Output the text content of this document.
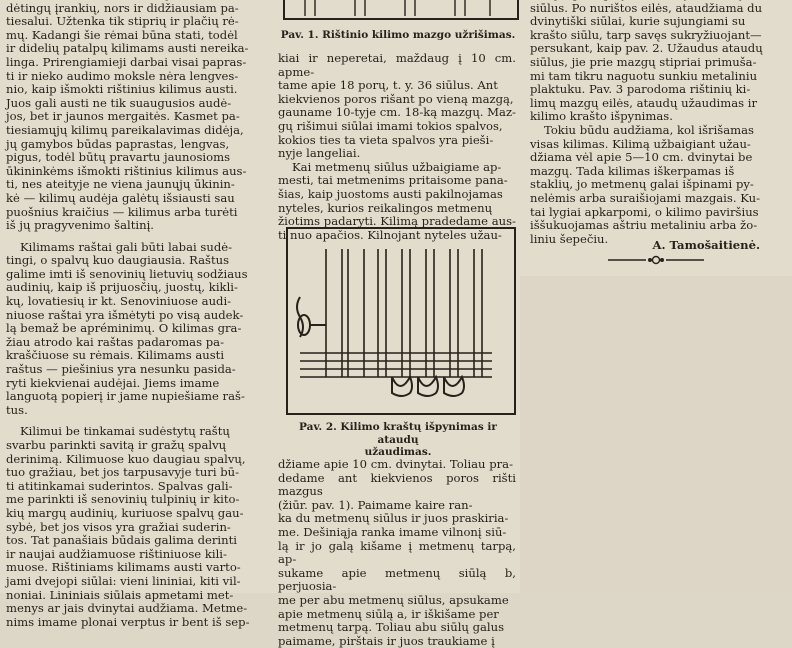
dėtingų įrankių, nors ir didžiausiam pa-
tiesalui. Užtenka tik stiprių ir plačių rė-
mų. Kadangi šie rėmai būna stati, todėl
ir didelių patalpų kilimams austi nereika-
linga. Prirengiamieji darbai visai papras-
ti ir nieko audimo moksle nėra lengves-
nio, kaip išmokti rištinius kilimus austi.
Juos gali austi ne tik suaugusios audė-
jos, bet ir jaunos mergaitės. Kasmet pa-
tiesiamųjų kilimų pareikalavimas didėja,
jų gamybos būdas paprastas, lengvas,
pigus, todėl būtų pravartu jaunosioms
ūkininkėms išmokti rištinius kilimus aus-
ti, nes ateityje ne viena jaunųjų ūkinin-
kė — kilimų audėja galėtų išsiausti sau
puošnius kraičius — kilimus arba turėti
iš jų pragyvenimo šaltinį.

Kilimams raštai gali būti labai sudė-
tingi, o spalvų kuo daugiausia. Raštus
galime imti iš senovinių lietuvių sodžiaus
audinių, kaip iš prijuosčių, juostų, kikli-
kų, lovatiesių ir kt. Senoviniuose audi-
niuose raštai yra išmėtyti po visą audek-
lą bemaž be apréminimų. O kilimas gra-
žiau atrodo kai raštas padaromas pa-
kraščiuose su rėmais. Kilimams austi
raštus — piešinius yra nesunku pasida-
ryti kiekvienai audėjai. Jiems imame
languotą popierį ir jame nupiešiame raš-
tus.

Kilimui be tinkamai sudėstytų raštų
svarbu parinkti savitą ir gražų spalvų
derinimą. Kilimuose kuo daugiau spalvų,
tuo gražiau, bet jos tarpusavyje turi bū-
ti atitinkamai suderintos. Spalvas gali-
me parinkti iš senovinių tulpinių ir kito-
kių margų audinių, kuriuose spalvų gau-
sybė, bet jos visos yra gražiai suderin-
tos. Tat panašiais būdais galima derinti
ir naujai audžiamuose rištiniuose kili-
muose. Rištiniams kilimams austi varto-
jami dvejopi siūlai: vieni lininiai, kiti vil-
noniai. Lininiais siūlais apmetami met-
menys ar jais dvinytai audžiama. Metme-
nims imame plonai verptus ir bent iš sep-

Pav. 1. Rištinio kilimo mazgo užrišimas.

kiai ir neperetai, maždaug į 10 cm. apme-
tame apie 18 porų, t. y. 36 siūlus. Ant
kiekvienos poros rišant po vieną mazgą,
gauname 10-tyje cm. 18-ką mazgų. Maz-
gų rišimui siūlai imami tokios spalvos,
kokios ties ta vieta spalvos yra pieši-
nyje langeliai.

Kai metmenų siūlus užbaigiame ap-
mesti, tai metmenims pritaisome pana-
šias, kaip juostoms austi pakilnojamas
nyteles, kurios reikalingos metmenų
žiotims padaryti. Kilimą pradedame aus-
ti nuo apačios. Kilnojant nyteles užau-

Pav. 2. Kilimo kraštų išpynimas ir ataudų
užaudimas.

džiame apie 10 cm. dvinytai. Toliau pra-
dedame ant kiekvienos poros rišti mazgus
(žiūr. pav. 1). Paimame kaire ran-
ka du metmenų siūlus ir juos praskiria-
me. Dešiniąja ranka imame vilnonį siū-
lą ir jo galą kišame į metmenų tarpą, ap-
sukame apie metmenų siūlą b, perjuosia-
me per abu metmenų siūlus, apsukame
apie metmenų siūlą a, ir iškišame per
metmenų tarpą. Toliau abu siūlų galus
paimame, pirštais ir juos traukiame į

siūlus. Po nurištos eilės, ataudžiama du
dvinytiški siūlai, kurie sujungiami su
krašto siūlu, tarp savęs sukryžiuojant—
persukant, kaip pav. 2. Užaudus ataudų
siūlus, jie prie mazgų stipriai primuša-
mi tam tikru naguotu sunkiu metaliniu
plaktuku. Pav. 3 parodoma rištinių ki-
limų mazgų eilės, ataudų užaudimas ir
kilimo krašto išpynimas.

Tokiu būdu audžiama, kol išrišamas
visas kilimas. Kilimą užbaigiant užau-
džiama vėl apie 5—10 cm. dvinytai be
mazgų. Tada kilimas iškerpamas iš
staklių, jo metmenų galai išpinami py-
nelėmis arba suraišiojami mazgais. Ku-
tai lygiai apkarpomi, o kilimo paviršius
iššukuojamas aštriu metaliniu arba žo-
liniu šepečiu.	A. Tamošaitienė.
